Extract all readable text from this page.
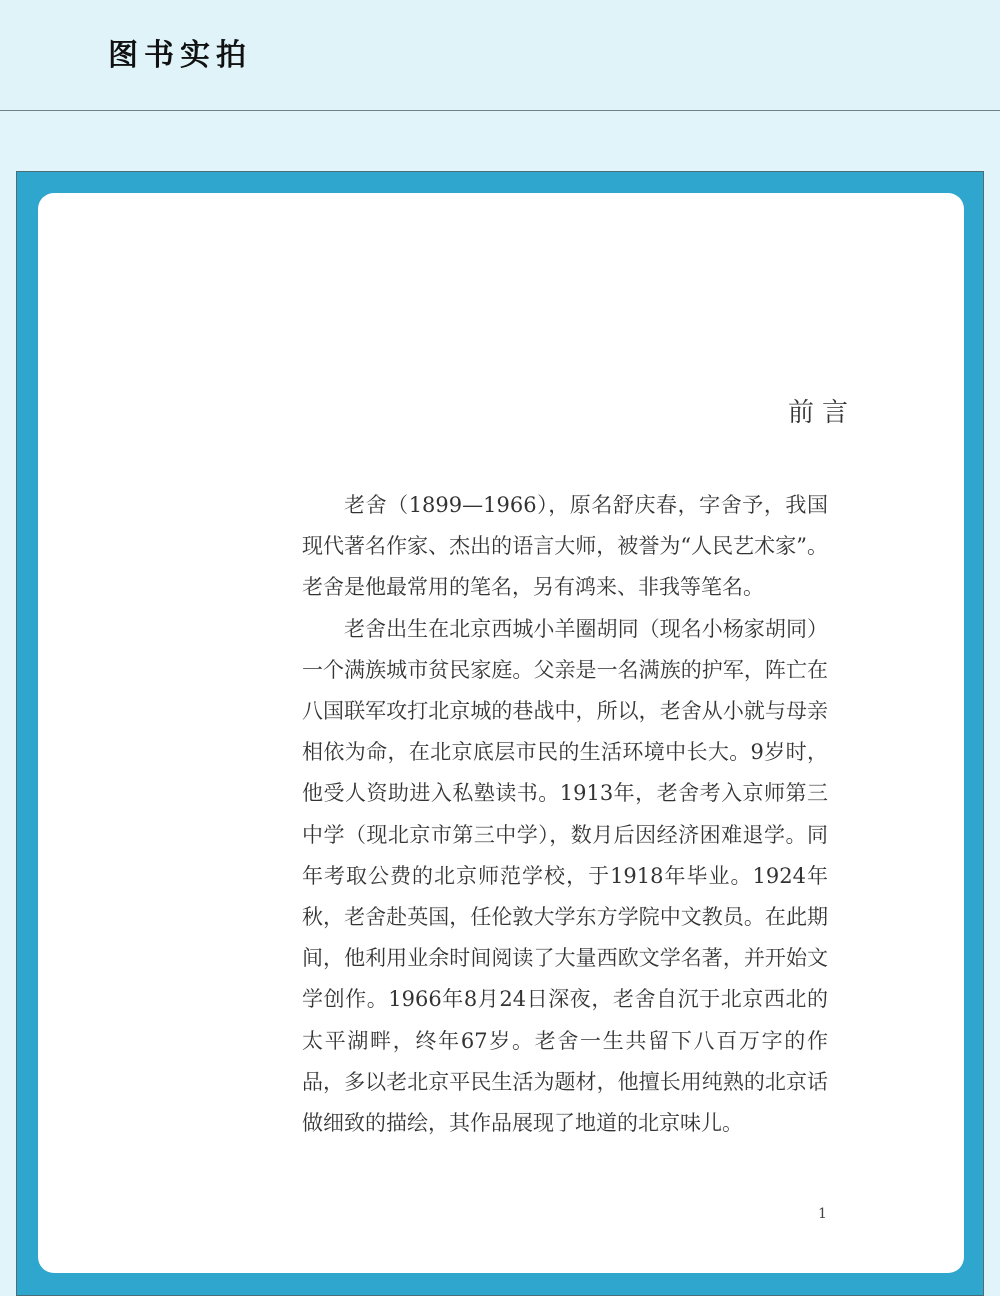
图书实拍
前言

老舍（1899—1966），原名舒庆春，字舍予，我国现代著名作家、杰出的语言大师，被誉为“人民艺术家”。老舍是他最常用的笔名，另有鸿来、非我等笔名。

老舍出生在北京西城小羊圈胡同（现名小杨家胡同）一个满族城市贫民家庭。父亲是一名满族的护军，阵亡在八国联军攻打北京城的巷战中，所以，老舍从小就与母亲相依为命，在北京底层市民的生活环境中长大。9岁时，他受人资助进入私塾读书。1913年，老舍考入京师第三中学（现北京市第三中学），数月后因经济困难退学。同年考取公费的北京师范学校，于1918年毕业。1924年秋，老舍赴英国，任伦敦大学东方学院中文教员。在此期间，他利用业余时间阅读了大量西欧文学名著，并开始文学创作。1966年8月24日深夜，老舍自沉于北京西北的太平湖畔，终年67岁。老舍一生共留下八百万字的作品，多以老北京平民生活为题材，他擅长用纯熟的北京话做细致的描绘，其作品展现了地道的北京味儿。

1
